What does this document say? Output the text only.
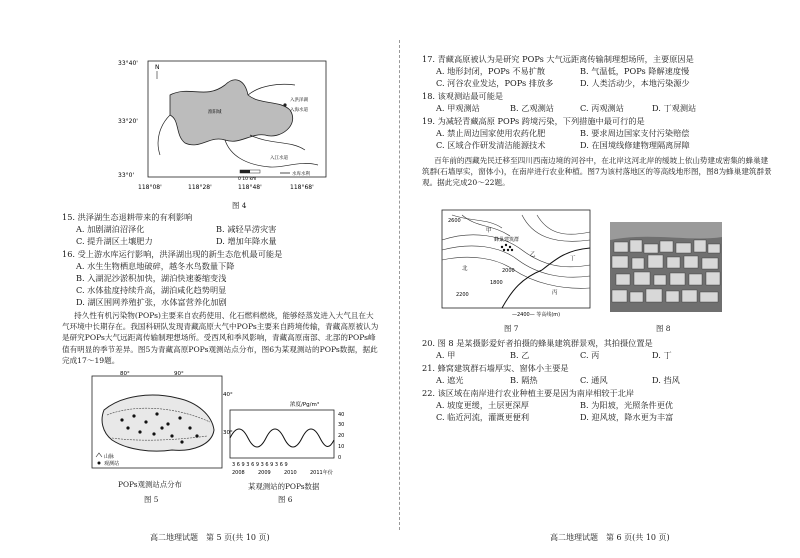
N
淮阳城
入洪泽湖
入海水道
入江水道
0 10 km
水库水利
33°40'
33°20'
33°0'
118°08'	118°28'	118°48'	118°68'
图 4
15. 洪泽湖生态退耕带来的有利影响
A. 加剧湖泊沼泽化	B. 减轻旱涝灾害
C. 提升湖区土壤肥力	D. 增加年降水量
16. 受上游水库运行影响，洪泽湖出现的新生态危机最可能是
A. 水生生物栖息地破碎，越冬水鸟数量下降
B. 入湖泥沙淤积加快，湖泊快速萎缩变浅
C. 水体盐度持续升高，湖泊咸化趋势明显
D. 湖区围网养殖扩张，水体富营养化加剧
持久性有机污染物(POPs)主要来自农药使用、化石燃料燃烧，能够经蒸发进入大气且在大气环境中长期存在。我国科研队发现青藏高原大气中POPs主要来自跨境传输，青藏高原被认为是研究POPs大气远距离传输制理想场所。受西风和季风影响，青藏高原南部、北部的POPs峰值有明显的季节差异。图5为青藏高原POPs观测站点分布，图6为某观测站的POPs数据，据此完成17～19题。
80°	90°
40°
30°
山脉
观测站
POPs观测站点分布
图 5
浓度/Pg/m³
40
30
20
10
0
3 6 9 3 6 9 3 6 9 3 6 9
2008	2009	2010	2011年份
某观测站的POPs数据
图 6
高二地理试题　第 5 页(共 10 页)
17. 青藏高原被认为是研究 POPs 大气远距离传输制理想场所，主要原因是
A. 地形封闭，POPs 不易扩散	B. 气温低，POPs 降解速度慢
C. 河谷农业发达，POPs 排放多	D. 人类活动少，本地污染源少
18. 该观测站最可能是
A. 甲观测站	B. 乙观测站	C. 丙观测站	D. 丁观测站
19. 为减轻青藏高原 POPs 跨境污染，下列措施中最可行的是
A. 禁止周边国家使用农药化肥	B. 要求周边国家支付污染赔偿
C. 区域合作研发清洁能源技术	D. 在国境线修建物理隔离屏障
百年前的西藏先民迁移至四川西南边境的河谷中，在北岸这河北岸的缓坡上依山势建成密集的蜂巢建筑群(石墙厚实，窗体小)，在南岸进行农业种植。图7为该村落地区的等高线地形图，图8为蜂巢建筑群景观。据此完成20～22题。
2600
2200
2000
1800
蜂巢建筑群
甲
乙
丙
丁
北
—2400— 等高线(m)
图 7	图 8
20. 图 8 是某摄影爱好者拍摄的蜂巢建筑群景观，其拍摄位置是
A. 甲	B. 乙	C. 丙	D. 丁
21. 蜂窝建筑群石墙厚实、窗体小主要是
A. 遮光	B. 隔热	C. 通风	D. 挡风
22. 该区域在南岸进行农业种植主要是因为南岸相较于北岸
A. 坡度更缓，土层更深厚	B. 为阳坡，光照条件更优
C. 临近河流，灌溉更便利	D. 迎风坡，降水更为丰富
高二地理试题　第 6 页(共 10 页)
